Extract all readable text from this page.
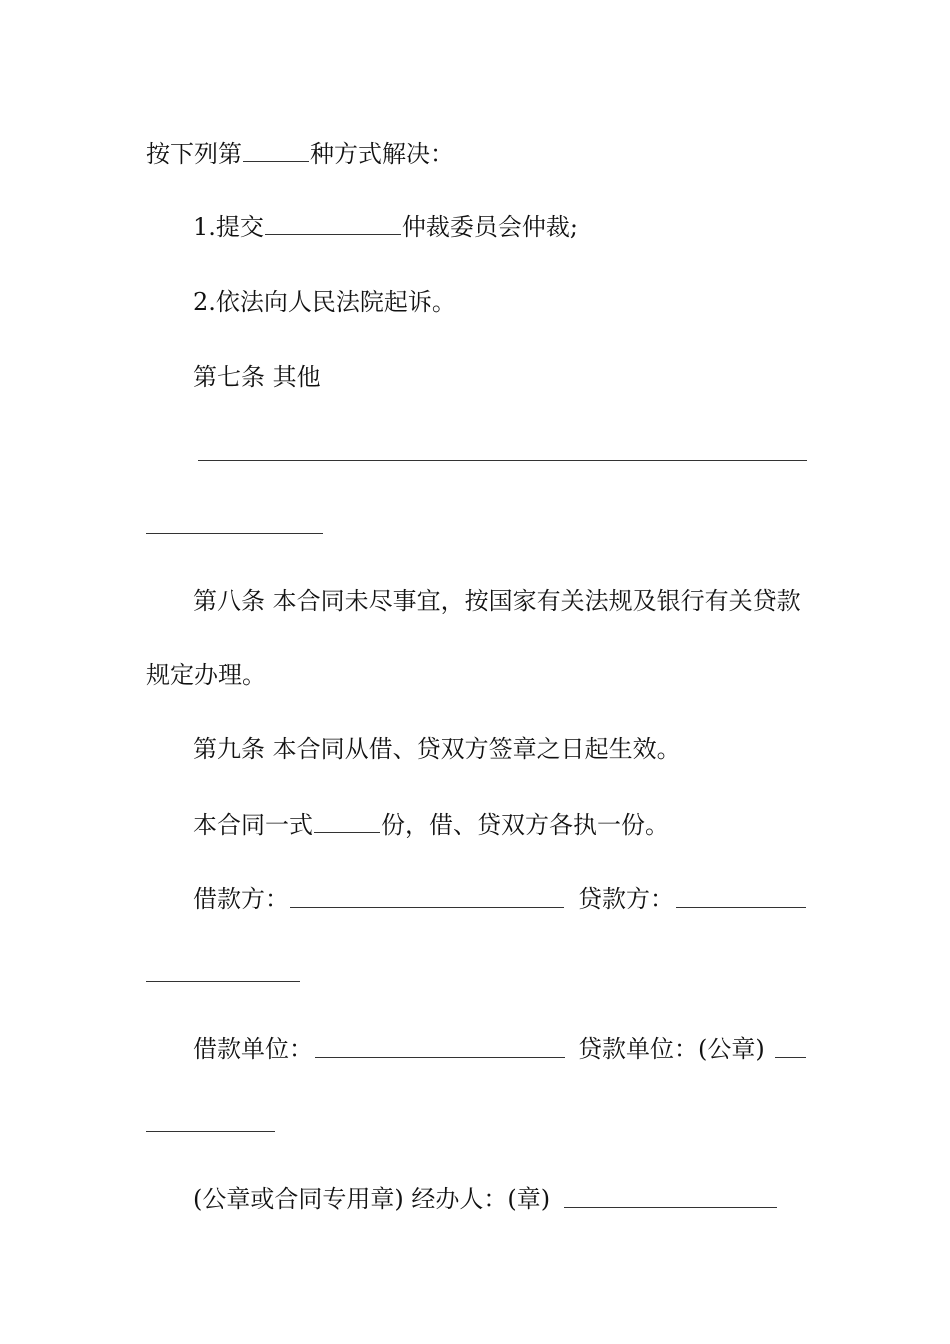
按下列第	种方式解决：
1.提交	仲裁委员会仲裁;
2.依法向人民法院起诉。
第七条 其他
第八条 本合同未尽事宜，按国家有关法规及银行有关贷款
规定办理。
第九条 本合同从借、贷双方签章之日起生效。
本合同一式	份，借、贷双方各执一份。
借款方：	贷款方：
借款单位：	贷款单位：(公章)
(公章或合同专用章) 经办人：(章)
